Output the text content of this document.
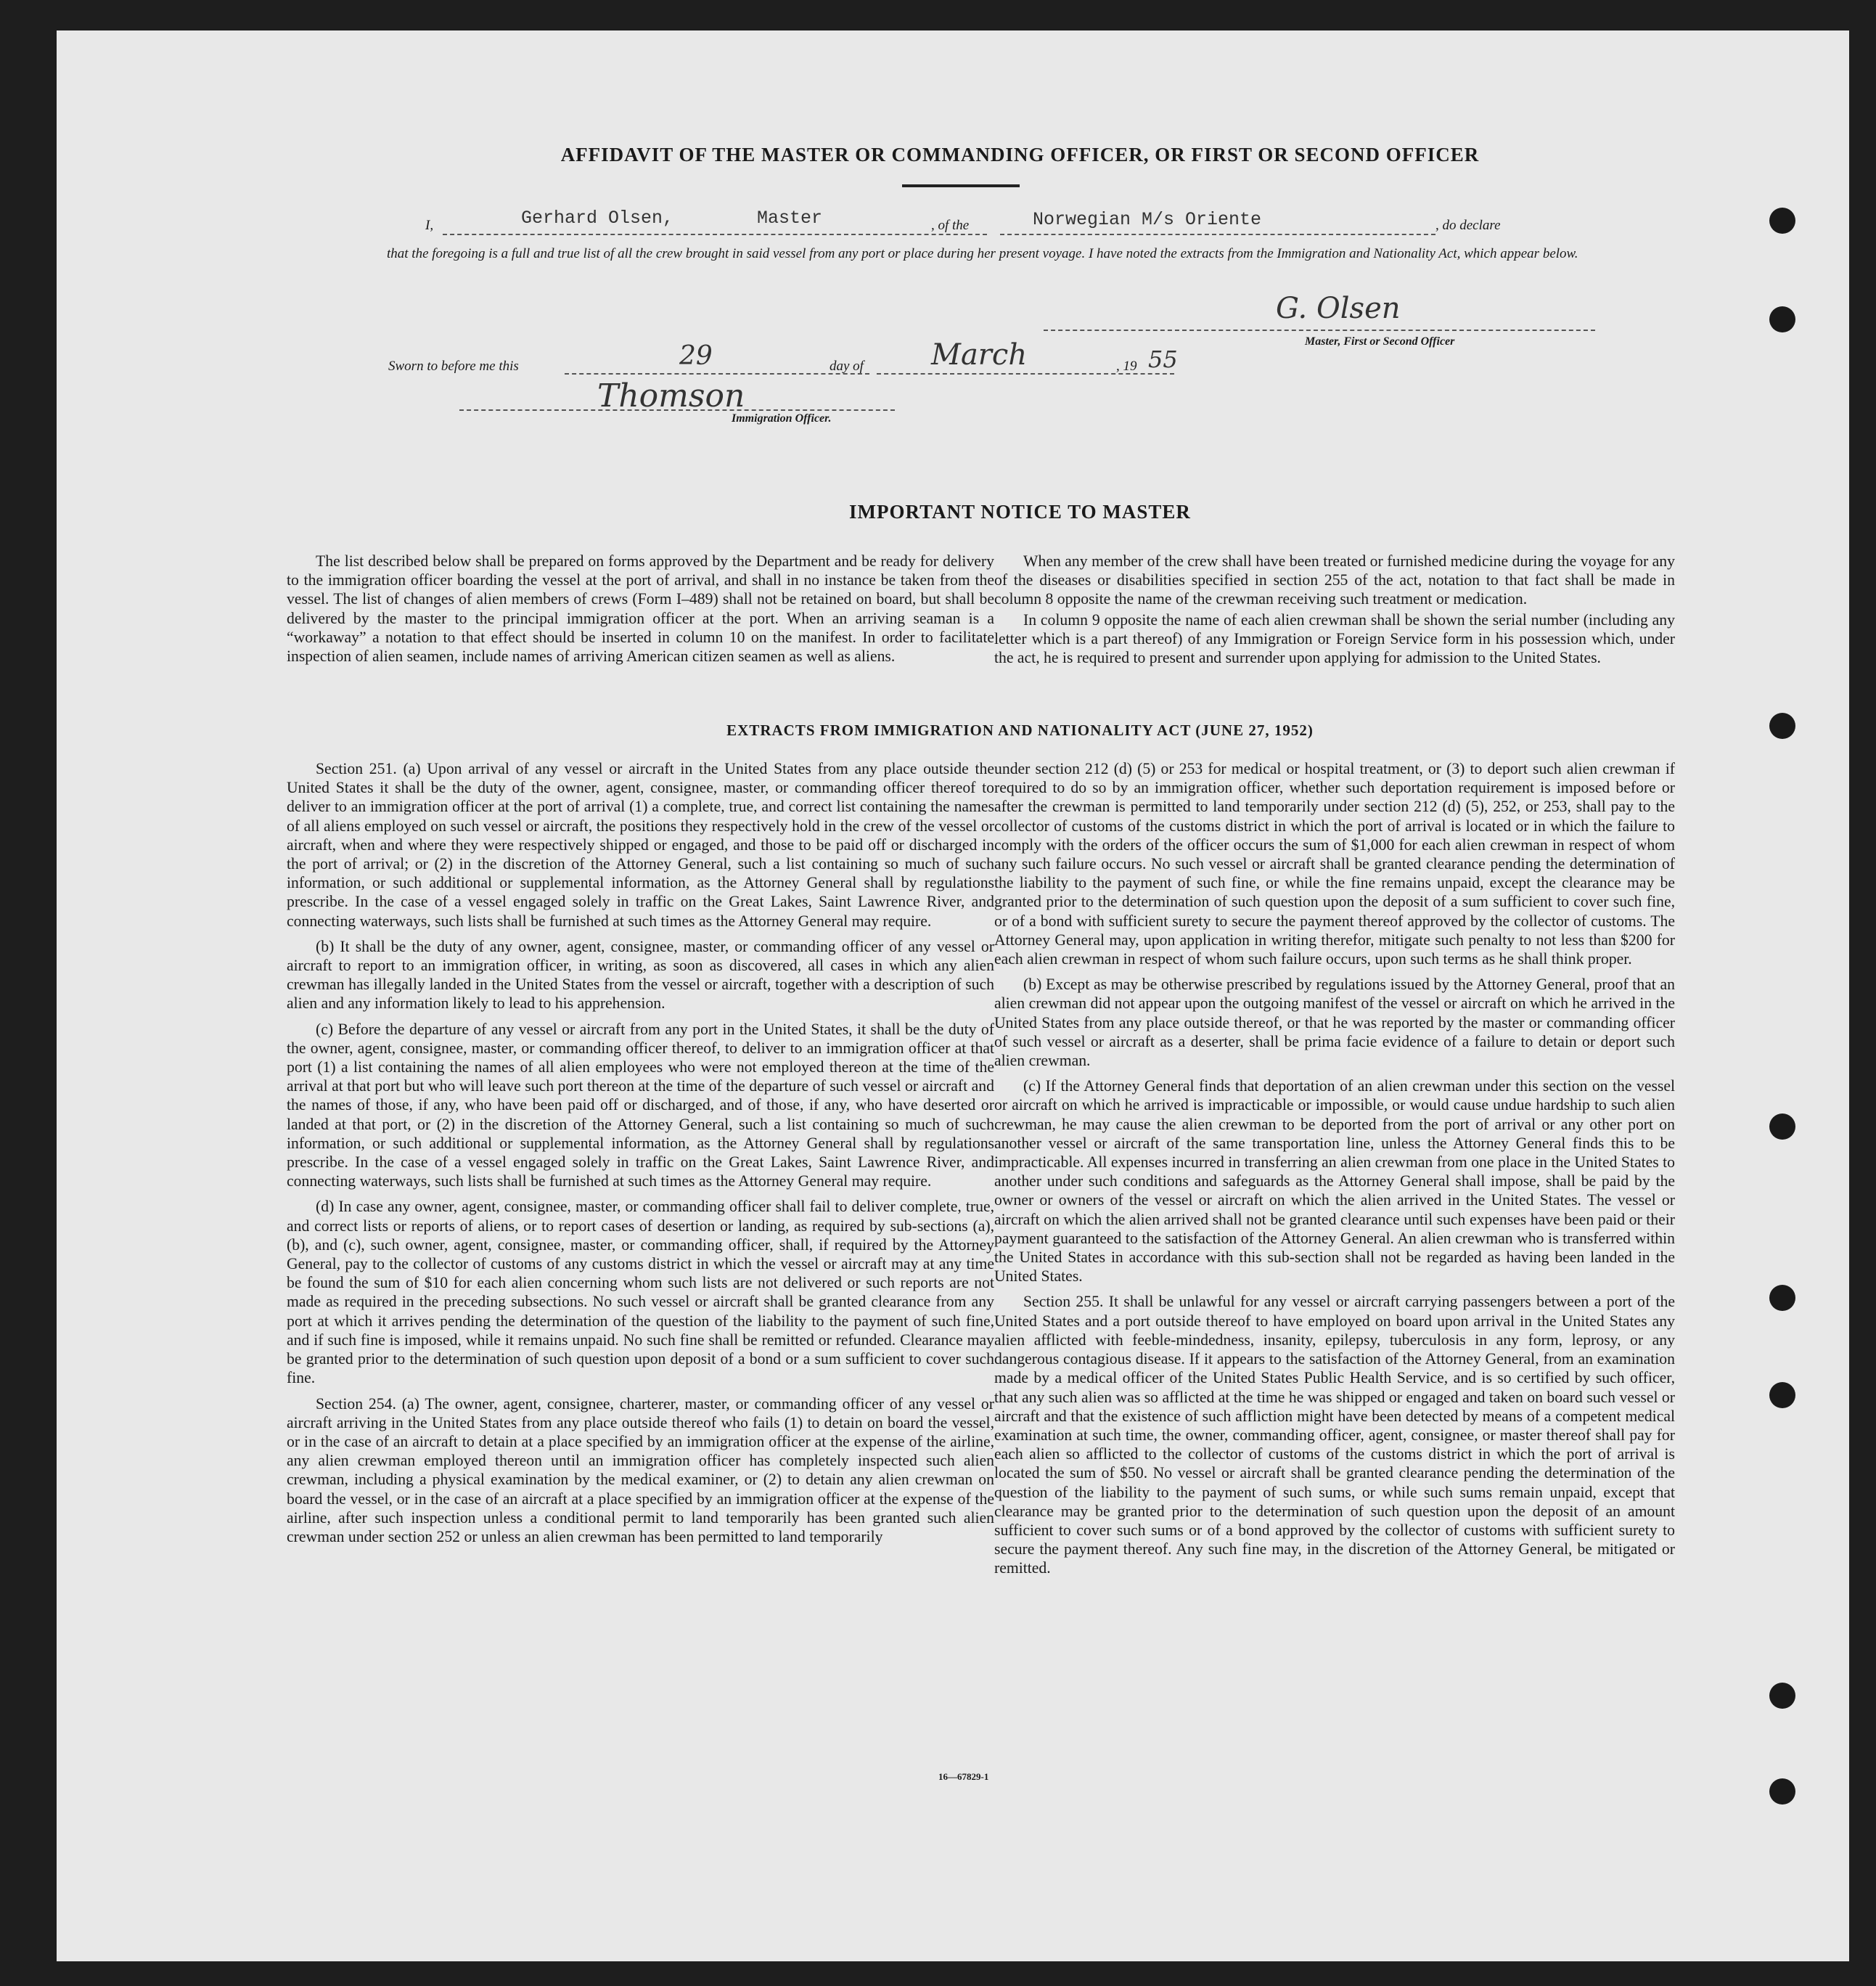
AFFIDAVIT OF THE MASTER OR COMMANDING OFFICER, OR FIRST OR SECOND OFFICER
I,	Gerhard Olsen,	Master	, of the	Norwegian M/s Oriente	, do declare
that the foregoing is a full and true list of all the crew brought in said vessel from any port or place during her present voyage. I have noted the extracts from the Immigration and Nationality Act, which appear below.
G. Olsen
Master, First or Second Officer
Sworn to before me this	29	day of March	, 19 55
Thomson
Immigration Officer.
IMPORTANT NOTICE TO MASTER

The list described below shall be prepared on forms approved by the Department and be ready for delivery to the immigration officer boarding the vessel at the port of arrival, and shall in no instance be taken from the vessel. The list of changes of alien members of crews (Form I–489) shall not be retained on board, but shall be delivered by the master to the principal immigration officer at the port. When an arriving seaman is a “workaway” a notation to that effect should be inserted in column 10 on the manifest. In order to facilitate inspection of alien seamen, include names of arriving American citizen seamen as well as aliens.

When any member of the crew shall have been treated or furnished medicine during the voyage for any of the diseases or disabilities specified in section 255 of the act, notation to that fact shall be made in column 8 opposite the name of the crewman receiving such treatment or medication.

In column 9 opposite the name of each alien crewman shall be shown the serial number (including any letter which is a part thereof) of any Immigration or Foreign Service form in his possession which, under the act, he is required to present and surrender upon applying for admission to the United States.

EXTRACTS FROM IMMIGRATION AND NATIONALITY ACT (JUNE 27, 1952)

Section 251. (a) Upon arrival of any vessel or aircraft in the United States from any place outside the United States it shall be the duty of the owner, agent, consignee, master, or commanding officer thereof to deliver to an immigration officer at the port of arrival (1) a complete, true, and correct list containing the names of all aliens employed on such vessel or aircraft, the positions they respectively hold in the crew of the vessel or aircraft, when and where they were respectively shipped or engaged, and those to be paid off or discharged in the port of arrival; or (2) in the discretion of the Attorney General, such a list containing so much of such information, or such additional or supplemental information, as the Attorney General shall by regulations prescribe. In the case of a vessel engaged solely in traffic on the Great Lakes, Saint Lawrence River, and connecting waterways, such lists shall be furnished at such times as the Attorney General may require.

(b) It shall be the duty of any owner, agent, consignee, master, or commanding officer of any vessel or aircraft to report to an immigration officer, in writing, as soon as discovered, all cases in which any alien crewman has illegally landed in the United States from the vessel or aircraft, together with a description of such alien and any information likely to lead to his apprehension.

(c) Before the departure of any vessel or aircraft from any port in the United States, it shall be the duty of the owner, agent, consignee, master, or commanding officer thereof, to deliver to an immigration officer at that port (1) a list containing the names of all alien employees who were not employed thereon at the time of the arrival at that port but who will leave such port thereon at the time of the departure of such vessel or aircraft and the names of those, if any, who have been paid off or discharged, and of those, if any, who have deserted or landed at that port, or (2) in the discretion of the Attorney General, such a list containing so much of such information, or such additional or supplemental information, as the Attorney General shall by regulations prescribe. In the case of a vessel engaged solely in traffic on the Great Lakes, Saint Lawrence River, and connecting waterways, such lists shall be furnished at such times as the Attorney General may require.

(d) In case any owner, agent, consignee, master, or commanding officer shall fail to deliver complete, true, and correct lists or reports of aliens, or to report cases of desertion or landing, as required by sub-sections (a), (b), and (c), such owner, agent, consignee, master, or commanding officer, shall, if required by the Attorney General, pay to the collector of customs of any customs district in which the vessel or aircraft may at any time be found the sum of $10 for each alien concerning whom such lists are not delivered or such reports are not made as required in the preceding subsections. No such vessel or aircraft shall be granted clearance from any port at which it arrives pending the determination of the question of the liability to the payment of such fine, and if such fine is imposed, while it remains unpaid. No such fine shall be remitted or refunded. Clearance may be granted prior to the determination of such question upon deposit of a bond or a sum sufficient to cover such fine.

Section 254. (a) The owner, agent, consignee, charterer, master, or commanding officer of any vessel or aircraft arriving in the United States from any place outside thereof who fails (1) to detain on board the vessel, or in the case of an aircraft to detain at a place specified by an immigration officer at the expense of the airline, any alien crewman employed thereon until an immigration officer has completely inspected such alien crewman, including a physical examination by the medical examiner, or (2) to detain any alien crewman on board the vessel, or in the case of an aircraft at a place specified by an immigration officer at the expense of the airline, after such inspection unless a conditional permit to land temporarily has been granted such alien crewman under section 252 or unless an alien crewman has been permitted to land temporarily

under section 212 (d) (5) or 253 for medical or hospital treatment, or (3) to deport such alien crewman if required to do so by an immigration officer, whether such deportation requirement is imposed before or after the crewman is permitted to land temporarily under section 212 (d) (5), 252, or 253, shall pay to the collector of customs of the customs district in which the port of arrival is located or in which the failure to comply with the orders of the officer occurs the sum of $1,000 for each alien crewman in respect of whom any such failure occurs. No such vessel or aircraft shall be granted clearance pending the determination of the liability to the payment of such fine, or while the fine remains unpaid, except the clearance may be granted prior to the determination of such question upon the deposit of a sum sufficient to cover such fine, or of a bond with sufficient surety to secure the payment thereof approved by the collector of customs. The Attorney General may, upon application in writing therefor, mitigate such penalty to not less than $200 for each alien crewman in respect of whom such failure occurs, upon such terms as he shall think proper.

(b) Except as may be otherwise prescribed by regulations issued by the Attorney General, proof that an alien crewman did not appear upon the outgoing manifest of the vessel or aircraft on which he arrived in the United States from any place outside thereof, or that he was reported by the master or commanding officer of such vessel or aircraft as a deserter, shall be prima facie evidence of a failure to detain or deport such alien crewman.

(c) If the Attorney General finds that deportation of an alien crewman under this section on the vessel or aircraft on which he arrived is impracticable or impossible, or would cause undue hardship to such alien crewman, he may cause the alien crewman to be deported from the port of arrival or any other port on another vessel or aircraft of the same transportation line, unless the Attorney General finds this to be impracticable. All expenses incurred in transferring an alien crewman from one place in the United States to another under such conditions and safeguards as the Attorney General shall impose, shall be paid by the owner or owners of the vessel or aircraft on which the alien arrived in the United States. The vessel or aircraft on which the alien arrived shall not be granted clearance until such expenses have been paid or their payment guaranteed to the satisfaction of the Attorney General. An alien crewman who is transferred within the United States in accordance with this sub-section shall not be regarded as having been landed in the United States.

Section 255. It shall be unlawful for any vessel or aircraft carrying passengers between a port of the United States and a port outside thereof to have employed on board upon arrival in the United States any alien afflicted with feeble-mindedness, insanity, epilepsy, tuberculosis in any form, leprosy, or any dangerous contagious disease. If it appears to the satisfaction of the Attorney General, from an examination made by a medical officer of the United States Public Health Service, and is so certified by such officer, that any such alien was so afflicted at the time he was shipped or engaged and taken on board such vessel or aircraft and that the existence of such affliction might have been detected by means of a competent medical examination at such time, the owner, commanding officer, agent, consignee, or master thereof shall pay for each alien so afflicted to the collector of customs of the customs district in which the port of arrival is located the sum of $50. No vessel or aircraft shall be granted clearance pending the determination of the question of the liability to the payment of such sums, or while such sums remain unpaid, except that clearance may be granted prior to the determination of such question upon the deposit of an amount sufficient to cover such sums or of a bond approved by the collector of customs with sufficient surety to secure the payment thereof. Any such fine may, in the discretion of the Attorney General, be mitigated or remitted.

16—67829-1
